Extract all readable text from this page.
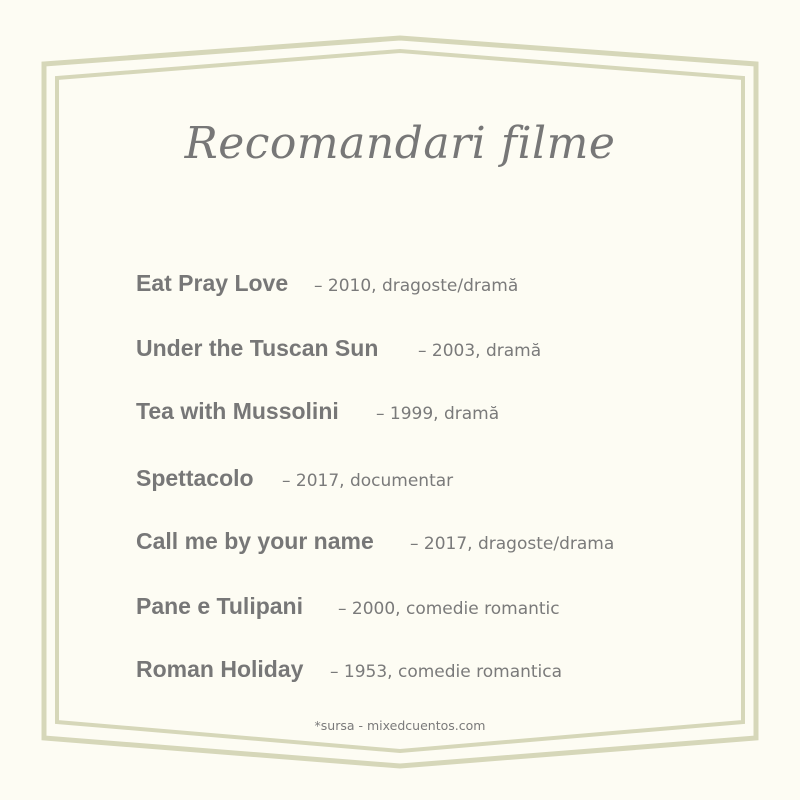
Recomandari filme
Eat Pray Love – 2010, dragoste/dramă
Under the Tuscan Sun – 2003, dramă
Tea with Mussolini – 1999, dramă
Spettacolo – 2017, documentar
Call me by your name – 2017, dragoste/drama
Pane e Tulipani – 2000, comedie romantic
Roman Holiday – 1953, comedie romantica
*sursa - mixedcuentos.com
